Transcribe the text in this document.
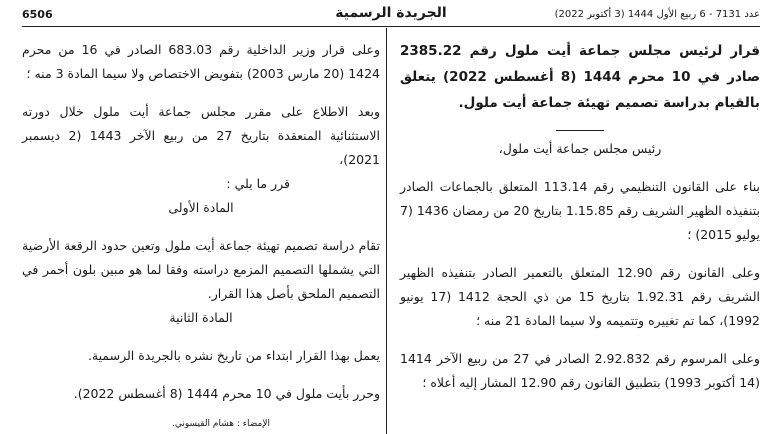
6506	الجريدة الرسمية	عدد 7131 - 6 ربيع الأول 1444 (3 أكتوبر 2022)

قرار لرئيس مجلس جماعة أيت ملول رقم 2385.22 صادر في 10 محرم 1444 (8 أغسطس 2022) يتعلق بالقيام بدراسة تصميم تهيئة جماعة أيت ملول.

رئيس مجلس جماعة أيت ملول،

بناء على القانون التنظيمي رقم 113.14 المتعلق بالجماعات الصادر بتنفيذه الظهير الشريف رقم 1.15.85 بتاريخ 20 من رمضان 1436 (7 يوليو 2015) ؛

وعلى القانون رقم 12.90 المتعلق بالتعمير الصادر بتنفيذه الظهير الشريف رقم 1.92.31 بتاريخ 15 من ذي الحجة 1412 (17 يونيو 1992)، كما تم تغييره وتتميمه ولا سيما المادة 21 منه ؛

وعلى المرسوم رقم 2.92.832 الصادر في 27 من ربيع الآخر 1414 (14 أكتوبر 1993) بتطبيق القانون رقم 12.90 المشار إليه أعلاه ؛

وعلى قرار وزير الداخلية رقم 683.03 الصادر في 16 من محرم 1424 (20 مارس 2003) بتفويض الاختصاص ولا سيما المادة 3 منه ؛

وبعد الاطلاع على مقرر مجلس جماعة أيت ملول خلال دورته الاستثنائية المنعقدة بتاريخ 27 من ربيع الآخر 1443 (2 ديسمبر 2021)،

قرر ما يلي :

المادة الأولى

تقام دراسة تصميم تهيئة جماعة أيت ملول وتعين حدود الرقعة الأرضية التي يشملها التصميم المزمع دراسته وفقا لما هو مبين بلون أحمر في التصميم الملحق بأصل هذا القرار.

المادة الثانية

يعمل بهذا القرار ابتداء من تاريخ نشره بالجريدة الرسمية.

وحرر بأيت ملول في 10 محرم 1444 (8 أغسطس 2022).

الإمضاء : هشام القيسوني.
